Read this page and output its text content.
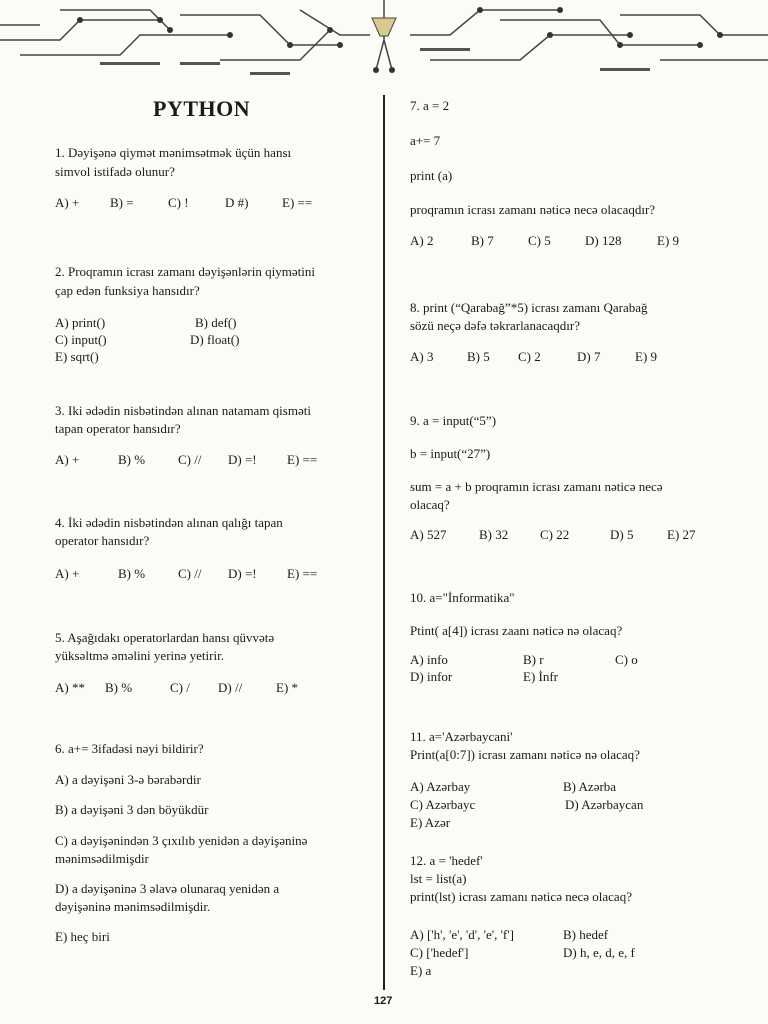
PYTHON
1. Dəyişənə qiymət mənimsətmək üçün hansı
simvol istifadə olunur?
A) + B) =	C) !	D #)	E) ==
2. Proqramın icrası zamanı dəyişənlərin qiymətini
çap edən funksiya hansıdır?
A) print()	B) def()
C) input()	D) float()
E) sqrt()
3. Iki ədədin nisbətindən alınan natamam qisməti
tapan operator hansıdır?
A) +	B) %	C) // D) =! E) ==
4. İki ədədin nisbətindən alınan qalığı tapan
operator hansıdır?
A) +	B) %	C) // D) =! E) ==
5. Aşağıdakı operatorlardan hansı qüvvətə
yüksəltmə əməlini yerinə yetirir.
A) ** B) %	C) / D) //	E) *
6. a+= 3ifadəsi nəyi bildirir?
A) a dəyişəni 3-ə bərabərdir
B) a dəyişəni 3 dən böyükdür
C) a dəyişənindən 3 çıxılıb yenidən a dəyişəninə
mənimsədilmişdir
D) a dəyişəninə 3 əlavə olunaraq yenidən a
dəyişəninə mənimsədilmişdir.
E) heç biri
7. a = 2
a+= 7
print (a)
proqramın icrası zamanı nəticə necə olacaqdır?
A) 2	B) 7	C) 5	D) 128	E) 9
8. print (“Qarabağ”*5) icrası zamanı Qarabağ
sözü neçə dəfə təkrarlanacaqdır?
A) 3	B) 5 C) 2	D) 7	E) 9
9. a = input(“5”)
b = input(“27”)
sum = a + b proqramın icrası zamanı nəticə necə
olacaq?
A) 527	B) 32 C) 22	D) 5	E) 27
10. a="İnformatika"
Ptint( a[4]) icrası zaanı nəticə nə olacaq?
A) info	B) r	C) o
D) infor	E) İnfr
11. a='Azərbaycani'
Print(a[0:7]) icrası zamanı nəticə nə olacaq?
A) Azərbay	B) Azərba
C) Azərbayc	D) Azərbaycan
E) Azər
12. a = 'hedef'
lst = list(a)
print(lst) icrası zamanı nəticə necə olacaq?
A) ['h', 'e', 'd', 'e', 'f']	B) hedef
C) ['hedef']	D) h, e, d, e, f
E) a
127
